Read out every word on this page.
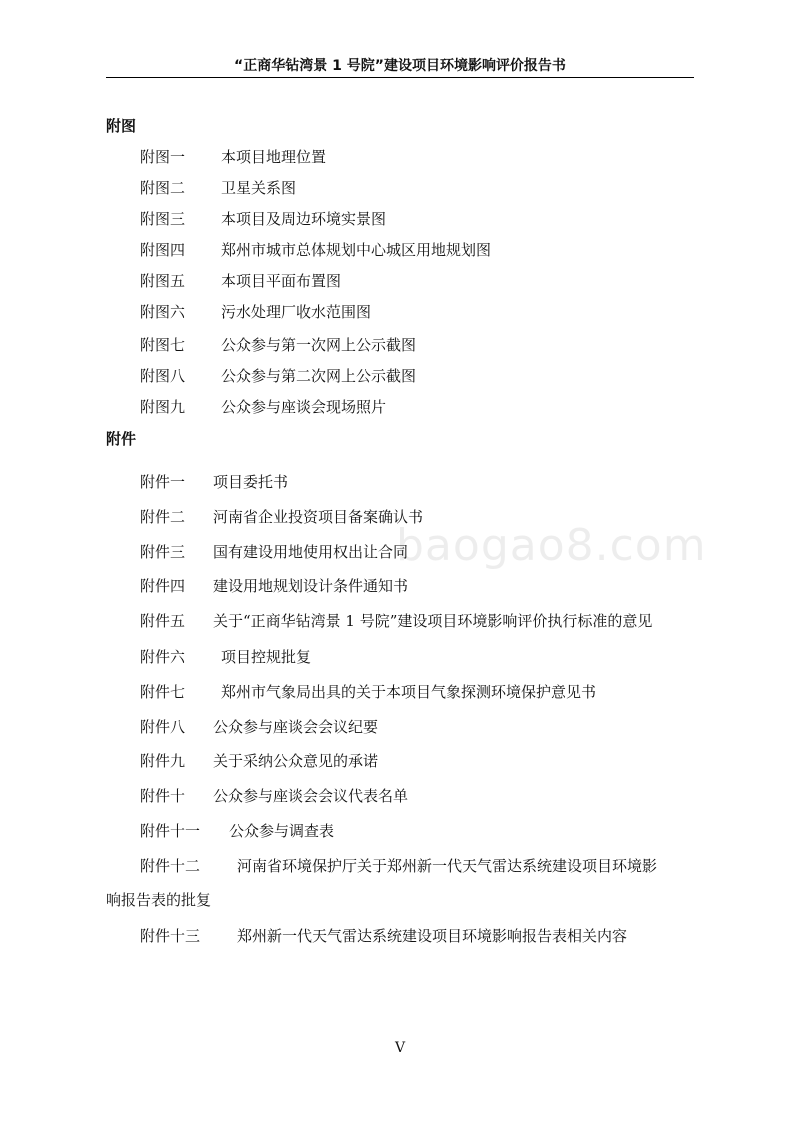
“正商华钻湾景 1 号院”建设项目环境影响评价报告书
baogao8.com
附图
附图一 本项目地理位置
附图二 卫星关系图
附图三 本项目及周边环境实景图
附图四 郑州市城市总体规划中心城区用地规划图
附图五 本项目平面布置图
附图六 污水处理厂收水范围图
附图七 公众参与第一次网上公示截图
附图八 公众参与第二次网上公示截图
附图九 公众参与座谈会现场照片
附件
附件一 项目委托书
附件二 河南省企业投资项目备案确认书
附件三 国有建设用地使用权出让合同
附件四 建设用地规划设计条件通知书
附件五 关于“正商华钻湾景 1 号院”建设项目环境影响评价执行标准的意见
附件六 项目控规批复
附件七 郑州市气象局出具的关于本项目气象探测环境保护意见书
附件八 公众参与座谈会会议纪要
附件九 关于采纳公众意见的承诺
附件十 公众参与座谈会会议代表名单
附件十一 公众参与调查表
附件十二 河南省环境保护厅关于郑州新一代天气雷达系统建设项目环境影
响报告表的批复
附件十三 郑州新一代天气雷达系统建设项目环境影响报告表相关内容
V
